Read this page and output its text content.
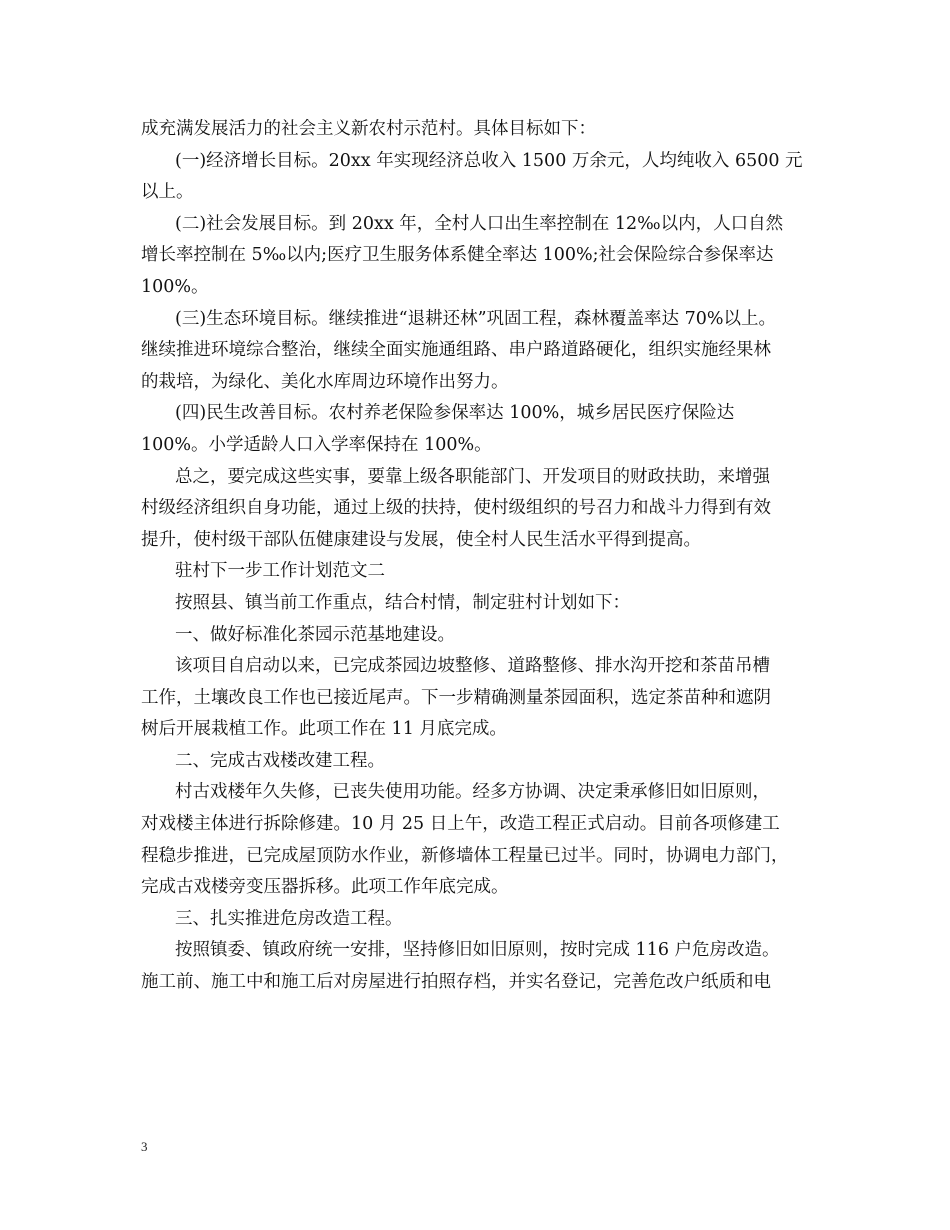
成充满发展活力的社会主义新农村示范村。具体目标如下：
(一)经济增长目标。20xx 年实现经济总收入 1500 万余元，人均纯收入 6500 元
以上。
(二)社会发展目标。到 20xx 年，全村人口出生率控制在 12‰以内，人口自然
增长率控制在 5‰以内;医疗卫生服务体系健全率达 100%;社会保险综合参保率达
100%。
(三)生态环境目标。继续推进“退耕还林”巩固工程，森林覆盖率达 70%以上。
继续推进环境综合整治，继续全面实施通组路、串户路道路硬化，组织实施经果林
的栽培，为绿化、美化水库周边环境作出努力。
(四)民生改善目标。农村养老保险参保率达 100%，城乡居民医疗保险达
100%。小学适龄人口入学率保持在 100%。
总之，要完成这些实事，要靠上级各职能部门、开发项目的财政扶助，来增强
村级经济组织自身功能，通过上级的扶持，使村级组织的号召力和战斗力得到有效
提升，使村级干部队伍健康建设与发展，使全村人民生活水平得到提高。
驻村下一步工作计划范文二
按照县、镇当前工作重点，结合村情，制定驻村计划如下：
一、做好标准化茶园示范基地建设。
该项目自启动以来，已完成茶园边坡整修、道路整修、排水沟开挖和茶苗吊槽
工作，土壤改良工作也已接近尾声。下一步精确测量茶园面积，选定茶苗种和遮阴
树后开展栽植工作。此项工作在 11 月底完成。
二、完成古戏楼改建工程。
村古戏楼年久失修，已丧失使用功能。经多方协调、决定秉承修旧如旧原则，
对戏楼主体进行拆除修建。10 月 25 日上午，改造工程正式启动。目前各项修建工
程稳步推进，已完成屋顶防水作业，新修墙体工程量已过半。同时，协调电力部门，
完成古戏楼旁变压器拆移。此项工作年底完成。
三、扎实推进危房改造工程。
按照镇委、镇政府统一安排，坚持修旧如旧原则，按时完成 116 户危房改造。
施工前、施工中和施工后对房屋进行拍照存档，并实名登记，完善危改户纸质和电
3
